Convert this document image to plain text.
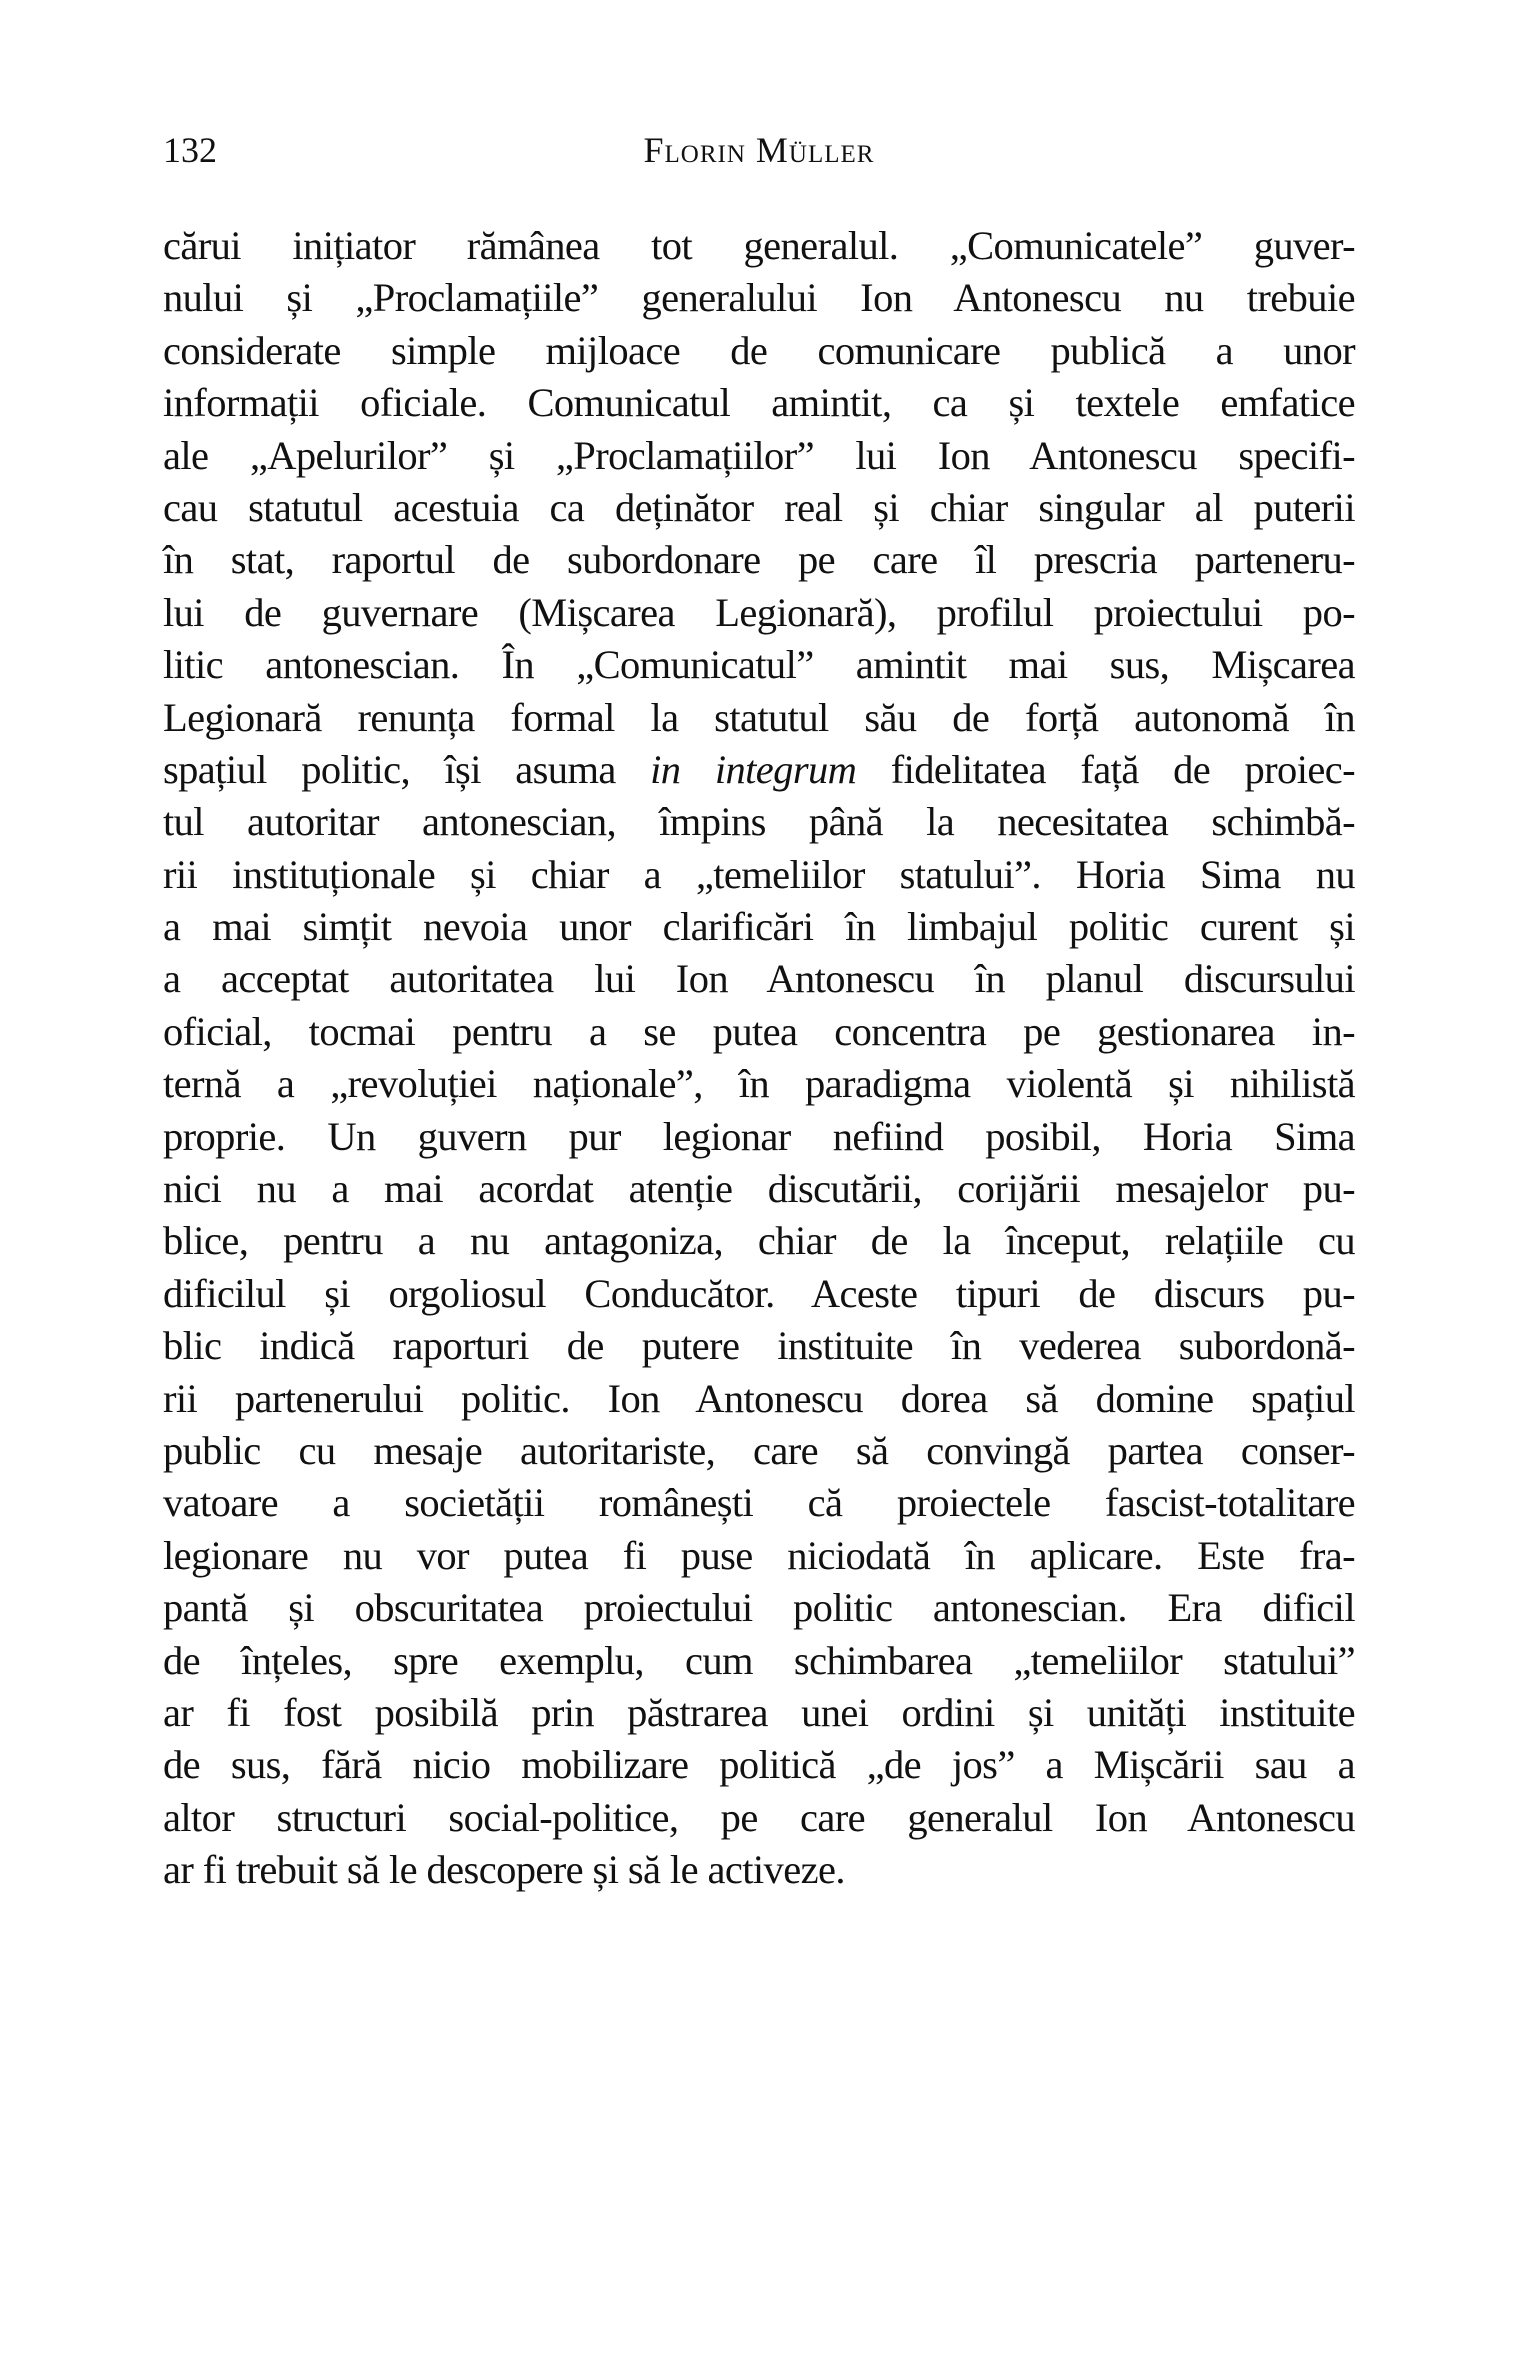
132	Florin Müller
cărui inițiator rămânea tot generalul. „Comunicatele” guver-
nului și „Proclamațiile” generalului Ion Antonescu nu trebuie
considerate simple mijloace de comunicare publică a unor
informații oficiale. Comunicatul amintit, ca și textele emfatice
ale „Apelurilor” și „Proclamațiilor” lui Ion Antonescu specifi-
cau statutul acestuia ca deținător real și chiar singular al puterii
în stat, raportul de subordonare pe care îl prescria parteneru-
lui de guvernare (Mișcarea Legionară), profilul proiectului po-
litic antonescian. În „Comunicatul” amintit mai sus, Mișcarea
Legionară renunța formal la statutul său de forță autonomă în
spațiul politic, își asuma in integrum fidelitatea față de proiec-
tul autoritar antonescian, împins până la necesitatea schimbă-
rii instituționale și chiar a „temeliilor statului”. Horia Sima nu
a mai simțit nevoia unor clarificări în limbajul politic curent și
a acceptat autoritatea lui Ion Antonescu în planul discursului
oficial, tocmai pentru a se putea concentra pe gestionarea in-
ternă a „revoluției naționale”, în paradigma violentă și nihilistă
proprie. Un guvern pur legionar nefiind posibil, Horia Sima
nici nu a mai acordat atenție discutării, corijării mesajelor pu-
blice, pentru a nu antagoniza, chiar de la început, relațiile cu
dificilul și orgoliosul Conducător. Aceste tipuri de discurs pu-
blic indică raporturi de putere instituite în vederea subordonă-
rii partenerului politic. Ion Antonescu dorea să domine spațiul
public cu mesaje autoritariste, care să convingă partea conser-
vatoare a societății românești că proiectele fascist-totalitare
legionare nu vor putea fi puse niciodată în aplicare. Este fra-
pantă și obscuritatea proiectului politic antonescian. Era dificil
de înțeles, spre exemplu, cum schimbarea „temeliilor statului”
ar fi fost posibilă prin păstrarea unei ordini și unități instituite
de sus, fără nicio mobilizare politică „de jos” a Mișcării sau a
altor structuri social-politice, pe care generalul Ion Antonescu
ar fi trebuit să le descopere și să le activeze.
